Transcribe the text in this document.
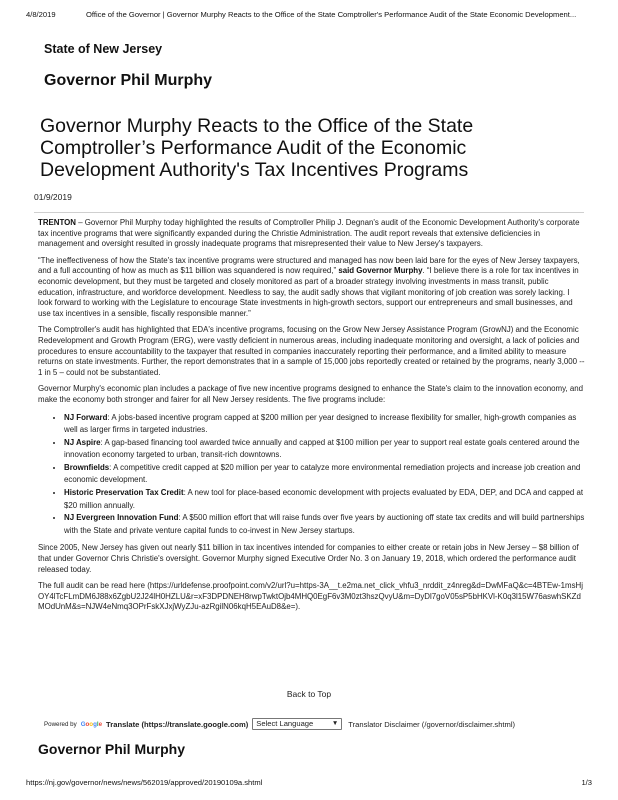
4/8/2019	Office of the Governor | Governor Murphy Reacts to the Office of the State Comptroller's Performance Audit of the State Economic Development...
State of New Jersey
Governor Phil Murphy
Governor Murphy Reacts to the Office of the State Comptroller’s Performance Audit of the Economic Development Authority's Tax Incentives Programs
01/9/2019

TRENTON – Governor Phil Murphy today highlighted the results of Comptroller Philip J. Degnan's audit of the Economic Development Authority's corporate tax incentive programs that were significantly expanded during the Christie Administration. The audit report reveals that extensive deficiencies in management and oversight resulted in grossly inadequate programs that misrepresented their value to New Jersey's taxpayers.

“The ineffectiveness of how the State's tax incentive programs were structured and managed has now been laid bare for the eyes of New Jersey taxpayers, and a full accounting of how as much as $11 billion was squandered is now required,” said Governor Murphy. “I believe there is a role for tax incentives in economic development, but they must be targeted and closely monitored as part of a broader strategy involving investments in mass transit, public education, infrastructure, and workforce development. Needless to say, the audit sadly shows that vigilant monitoring of job creation was sorely lacking. I look forward to working with the Legislature to encourage State investments in high-growth sectors, support our entrepreneurs and small businesses, and use tax incentives in a sensible, fiscally responsible manner.”

The Comptroller's audit has highlighted that EDA's incentive programs, focusing on the Grow New Jersey Assistance Program (GrowNJ) and the Economic Redevelopment and Growth Program (ERG), were vastly deficient in numerous areas, including inadequate monitoring and oversight, a lack of policies and procedures to ensure accountability to the taxpayer that resulted in companies inaccurately reporting their performance, and a limited ability to measure returns on state investments. Further, the report demonstrates that in a sample of 15,000 jobs reportedly created or retained by the programs, nearly 3,000 -- 1 in 5 – could not be substantiated.

Governor Murphy's economic plan includes a package of five new incentive programs designed to enhance the State's claim to the innovation economy, and make the economy both stronger and fairer for all New Jersey residents. The five programs include:

• NJ Forward: A jobs-based incentive program capped at $200 million per year designed to increase flexibility for smaller, high-growth companies as well as larger firms in targeted industries.
• NJ Aspire: A gap-based financing tool awarded twice annually and capped at $100 million per year to support real estate goals centered around the innovation economy targeted to urban, transit-rich downtowns.
• Brownfields: A competitive credit capped at $20 million per year to catalyze more environmental remediation projects and increase job creation and economic development.
• Historic Preservation Tax Credit: A new tool for place-based economic development with projects evaluated by EDA, DEP, and DCA and capped at $20 million annually.
• NJ Evergreen Innovation Fund: A $500 million effort that will raise funds over five years by auctioning off state tax credits and will build partnerships with the State and private venture capital funds to co-invest in New Jersey startups.

Since 2005, New Jersey has given out nearly $11 billion in tax incentives intended for companies to either create or retain jobs in New Jersey – $8 billion of that under Governor Chris Christie's oversight. Governor Murphy signed Executive Order No. 3 on January 19, 2018, which ordered the performance audit released today.

The full audit can be read here (https://urldefense.proofpoint.com/v2/url?u=https-3A__t.e2ma.net_click_vhfu3_nrddit_z4nreg&d=DwMFaQ&c=4BTEw-1msHjOY4lTcFLmDM6J88x6ZgbU2J24lH0HZLU&r=xF3DPDNEH8rwpTwktOjb4MHQ0EgF6v3M0zt3hszQvyU&m=DyDl7goV05sP5bHKVl-K0q3l15W76aswhSKZdMOdUnM&s=NJW4eNmq3OPrFskXJxjWyZJu-azRgilN06kqH5EAuD8&e=).

Back to Top
Powered by Google Translate (https://translate.google.com)	Select Language	▼ Translator Disclaimer (/governor/disclaimer.shtml)
Governor Phil Murphy
https://nj.gov/governor/news/news/562019/approved/20190109a.shtml	1/3
